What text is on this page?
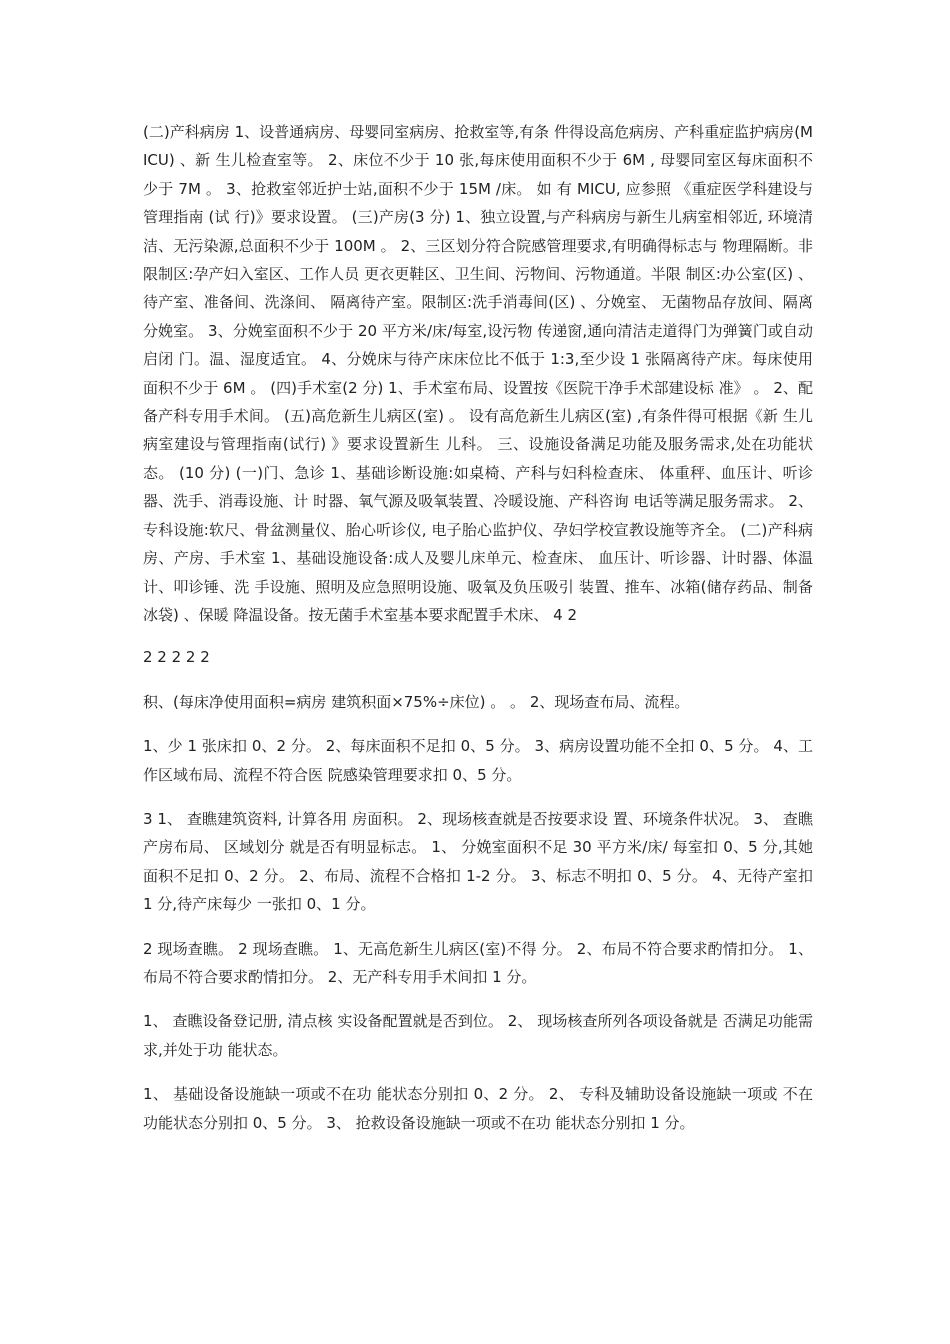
(二)产科病房 1、设普通病房、母婴同室病房、抢救室等,有条 件得设高危病房、产科重症监护病房(MICU) 、新 生儿检查室等。 2、床位不少于 10 张,每床使用面积不少于 6M , 母婴同室区每床面积不少于 7M 。 3、抢救室邻近护士站,面积不少于 15M /床。 如 有 MICU, 应参照 《重症医学科建设与管理指南 (试 行)》要求设置。 (三)产房(3 分) 1、独立设置,与产科病房与新生儿病室相邻近, 环境清洁、无污染源,总面积不少于 100M 。 2、三区划分符合院感管理要求,有明确得标志与 物理隔断。非限制区:孕产妇入室区、工作人员 更衣更鞋区、卫生间、污物间、污物通道。半限 制区:办公室(区) 、待产室、准备间、洗涤间、 隔离待产室。限制区:洗手消毒间(区) 、分娩室、 无菌物品存放间、隔离分娩室。 3、分娩室面积不少于 20 平方米/床/每室,设污物 传递窗,通向清洁走道得门为弹簧门或自动启闭 门。温、湿度适宜。 4、分娩床与待产床床位比不低于 1:3,至少设 1 张隔离待产床。每床使用面积不少于 6M 。 (四)手术室(2 分) 1、手术室布局、设置按《医院干净手术部建设标 准》 。 2、配备产科专用手术间。 (五)高危新生儿病区(室) 。 设有高危新生儿病区(室) ,有条件得可根据《新 生儿病室建设与管理指南(试行) 》要求设置新生 儿科。 三、设施设备满足功能及服务需求,处在功能状 态。 (10 分) (一)门、急诊 1、基础诊断设施:如桌椅、产科与妇科检查床、 体重秤、血压计、听诊器、洗手、消毒设施、计 时器、氧气源及吸氧装置、冷暖设施、产科咨询 电话等满足服务需求。 2、专科设施:软尺、骨盆测量仪、胎心听诊仪, 电子胎心监护仪、孕妇学校宣教设施等齐全。 (二)产科病房、产房、手术室 1、基础设施设备:成人及婴儿床单元、检查床、 血压计、听诊器、计时器、体温计、叩诊锤、洗 手设施、照明及应急照明设施、吸氧及负压吸引 装置、推车、冰箱(储存药品、制备冰袋) 、保暖 降温设备。按无菌手术室基本要求配置手术床、 4 2

2 2 2 2 2

积、(每床净使用面积=病房 建筑积面×75%÷床位) 。 。 2、现场查布局、流程。

1、少 1 张床扣 0、2 分。 2、每床面积不足扣 0、5 分。 3、病房设置功能不全扣 0、5 分。 4、工作区域布局、流程不符合医 院感染管理要求扣 0、5 分。

3 1、 查瞧建筑资料, 计算各用 房面积。 2、现场核查就是否按要求设 置、环境条件状况。 3、 查瞧产房布局、 区域划分 就是否有明显标志。 1、 分娩室面积不足 30 平方米/床/ 每室扣 0、5 分,其她面积不足扣 0、2 分。 2、布局、流程不合格扣 1-2 分。 3、标志不明扣 0、5 分。 4、无待产室扣 1 分,待产床每少 一张扣 0、1 分。

2 现场查瞧。 2 现场查瞧。 1、无高危新生儿病区(室)不得 分。 2、布局不符合要求酌情扣分。 1、布局不符合要求酌情扣分。 2、无产科专用手术间扣 1 分。

1、 查瞧设备登记册, 清点核 实设备配置就是否到位。 2、 现场核查所列各项设备就是 否满足功能需求,并处于功 能状态。

1、 基础设备设施缺一项或不在功 能状态分别扣 0、2 分。 2、 专科及辅助设备设施缺一项或 不在功能状态分别扣 0、5 分。 3、 抢救设备设施缺一项或不在功 能状态分别扣 1 分。
